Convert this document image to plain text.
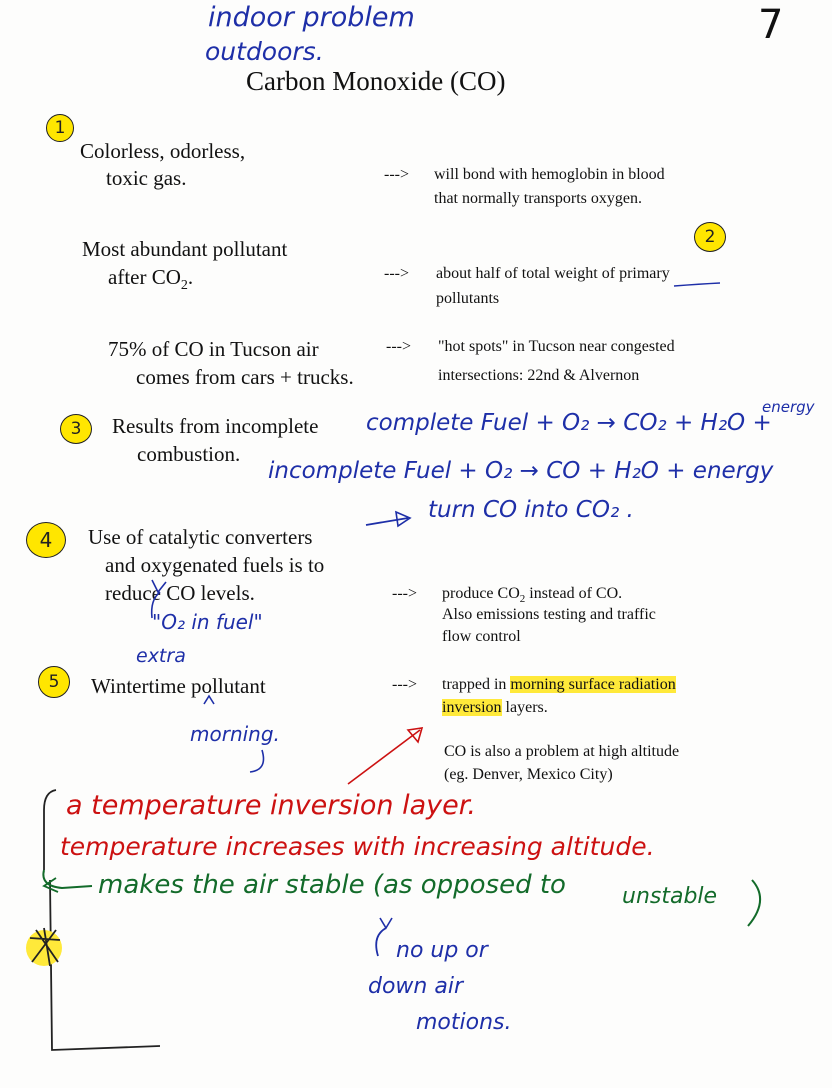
7
indoor problem
outdoors.
Carbon Monoxide (CO)
1
Colorless, odorless,
toxic gas.	---> will bond with hemoglobin in blood
that normally transports oxygen.
2
Most abundant pollutant
after $CO_2$.	---> about half of total weight of primary
pollutants
75% of CO in Tucson air
comes from cars + trucks.
---> "hot spots" in Tucson near congested
intersections: 22nd & Alvernon
3	Results from incomplete
combustion.
complete Fuel + O₂ → CO₂ + H₂O +
energy
incomplete Fuel + O₂ → CO + H₂O + energy
4	Use of catalytic converters
and oxygenated fuels is to
reduce CO levels.
turn CO into CO₂ .
"O₂ in fuel"
extra
---> produce $CO_2$ instead of CO.
Also emissions testing and traffic
flow control
5	Wintertime pollutant
morning.
---> trapped in morning surface radiation
inversion layers.
CO is also a problem at high altitude
(eg. Denver, Mexico City)
a temperature inversion layer.
temperature increases with increasing altitude.
makes the air stable (as opposed to	unstable
no up or
down air
motions.
